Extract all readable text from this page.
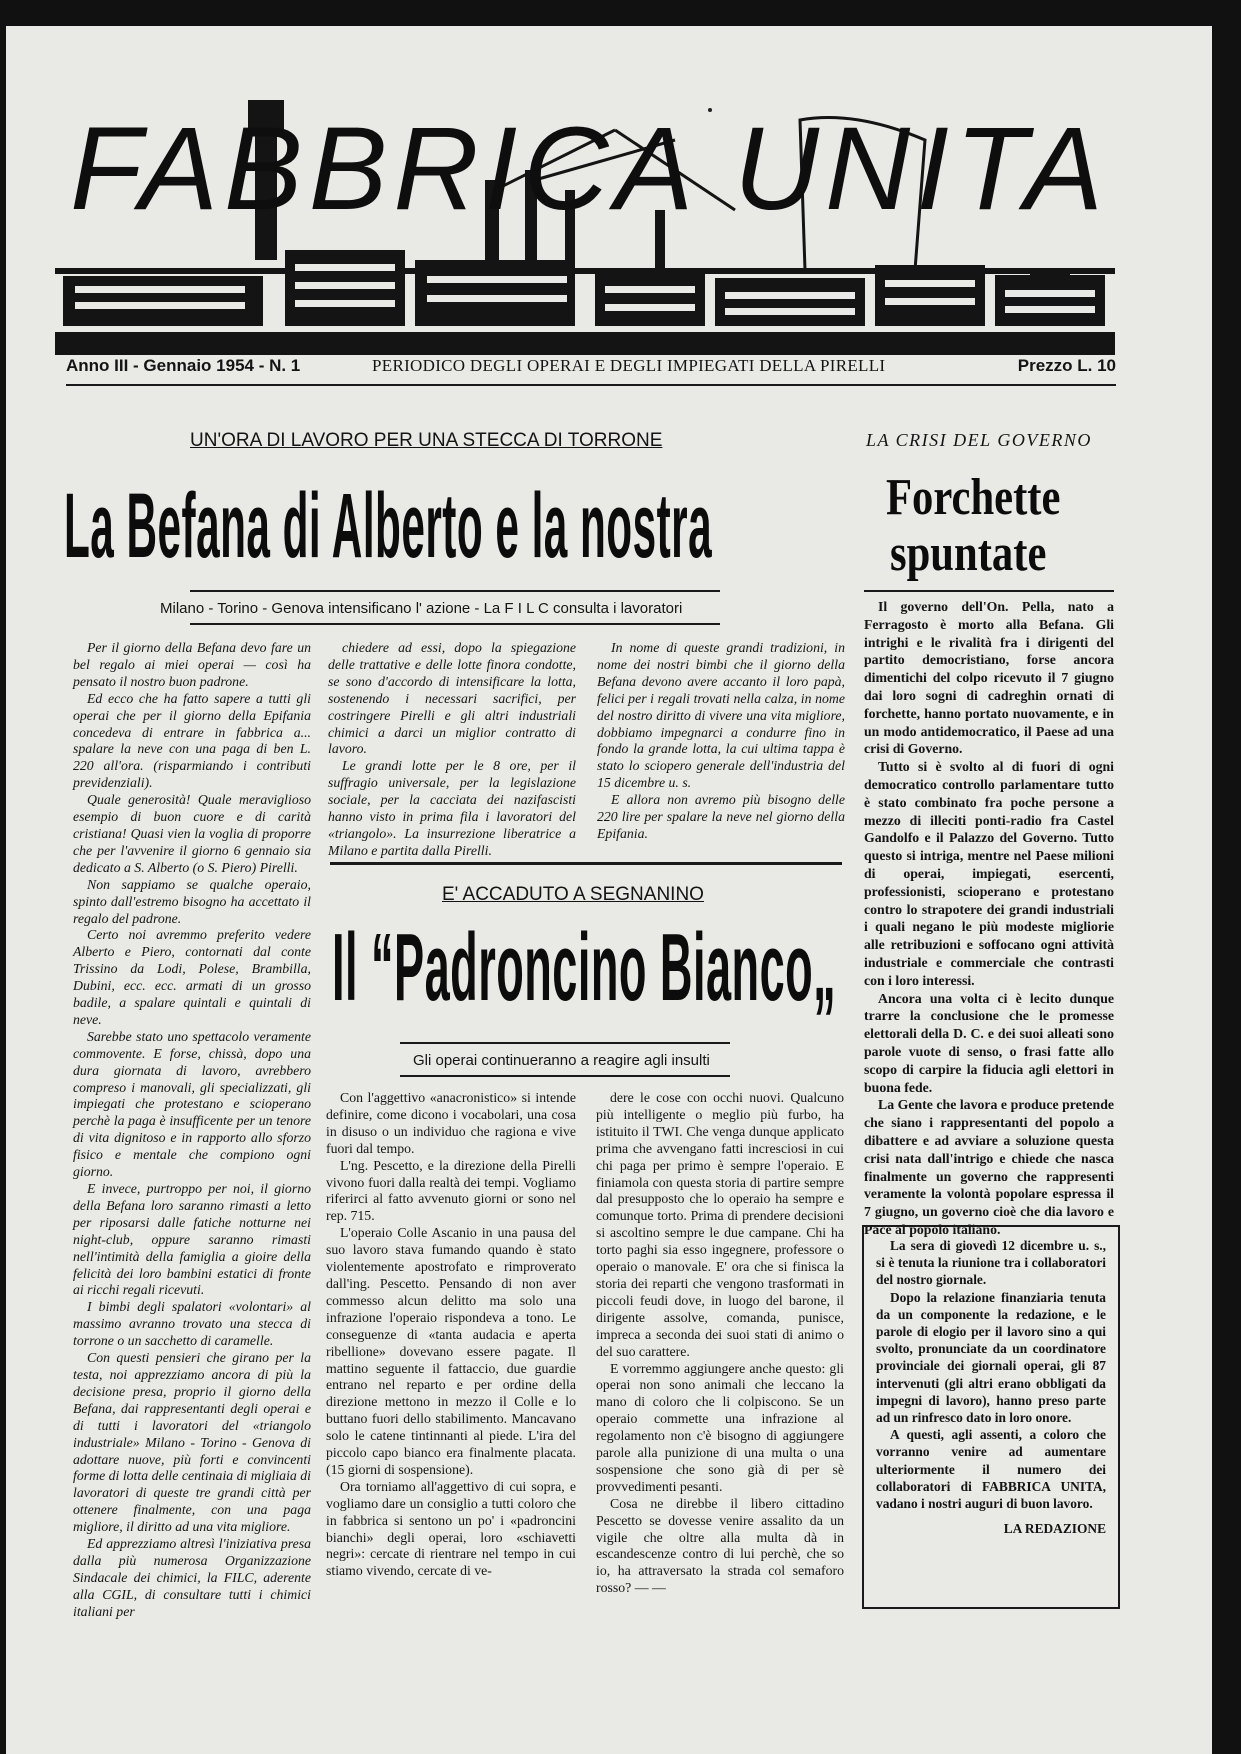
FABBRICA UNITA
Anno III - Gennaio 1954 - N. 1	PERIODICO DEGLI OPERAI E DEGLI IMPIEGATI DELLA PIRELLI	Prezzo L. 10
UN'ORA DI LAVORO PER UNA STECCA DI TORRONE
La Befana di Alberto e la nostra
Milano - Torino - Genova intensificano l' azione - La F I L C consulta i lavoratori

Per il giorno della Befana devo fare un bel regalo ai miei operai — così ha pensato il nostro buon padrone.

Ed ecco che ha fatto sapere a tutti gli operai che per il giorno della Epifania concedeva di entrare in fabbrica a... spalare la neve con una paga di ben L. 220 all'ora. (risparmiando i contributi previdenziali).

Quale generosità! Quale meraviglioso esempio di buon cuore e di carità cristiana! Quasi vien la voglia di proporre che per l'avvenire il giorno 6 gennaio sia dedicato a S. Alberto (o S. Piero) Pirelli.

Non sappiamo se qualche operaio, spinto dall'estremo bisogno ha accettato il regalo del padrone.

Certo noi avremmo preferito vedere Alberto e Piero, contornati dal conte Trissino da Lodi, Polese, Brambilla, Dubini, ecc. ecc. armati di un grosso badile, a spalare quintali e quintali di neve.

Sarebbe stato uno spettacolo veramente commovente. E forse, chissà, dopo una dura giornata di lavoro, avrebbero compreso i manovali, gli specializzati, gli impiegati che protestano e scioperano perchè la paga è insufficente per un tenore di vita dignitoso e in rapporto allo sforzo fisico e mentale che compiono ogni giorno.

E invece, purtroppo per noi, il giorno della Befana loro saranno rimasti a letto per riposarsi dalle fatiche notturne nei night-club, oppure saranno rimasti nell'intimità della famiglia a gioire della felicità dei loro bambini estatici di fronte ai ricchi regali ricevuti.

I bimbi degli spalatori «volontari» al massimo avranno trovato una stecca di torrone o un sacchetto di caramelle.

Con questi pensieri che girano per la testa, noi apprezziamo ancora di più la decisione presa, proprio il giorno della Befana, dai rappresentanti degli operai e di tutti i lavoratori del «triangolo industriale» Milano - Torino - Genova di adottare nuove, più forti e convincenti forme di lotta delle centinaia di migliaia di lavoratori di queste tre grandi città per ottenere finalmente, con una paga migliore, il diritto ad una vita migliore.

Ed apprezziamo altresì l'iniziativa presa dalla più numerosa Organizzazione Sindacale dei chimici, la FILC, aderente alla CGIL, di consultare tutti i chimici italiani per

chiedere ad essi, dopo la spiegazione delle trattative e delle lotte finora condotte, se sono d'accordo di intensificare la lotta, sostenendo i necessari sacrifici, per costringere Pirelli e gli altri industriali chimici a darci un miglior contratto di lavoro.

Le grandi lotte per le 8 ore, per il suffragio universale, per la legislazione sociale, per la cacciata dei nazifascisti hanno visto in prima fila i lavoratori del «triangolo». La insurrezione liberatrice a Milano e partita dalla Pirelli.

In nome di queste grandi tradizioni, in nome dei nostri bimbi che il giorno della Befana devono avere accanto il loro papà, felici per i regali trovati nella calza, in nome del nostro diritto di vivere una vita migliore, dobbiamo impegnarci a condurre fino in fondo la grande lotta, la cui ultima tappa è stato lo sciopero generale dell'industria del 15 dicembre u. s.

E allora non avremo più bisogno delle 220 lire per spalare la neve nel giorno della Epifania.

E' ACCADUTO A SEGNANINO
Il “Padroncino Bianco„
Gli operai continueranno a reagire agli insulti

Con l'aggettivo «anacronistico» si intende definire, come dicono i vocabolari, una cosa in disuso o un individuo che ragiona e vive fuori dal tempo.

L'ng. Pescetto, e la direzione della Pirelli vivono fuori dalla realtà dei tempi. Vogliamo riferirci al fatto avvenuto giorni or sono nel rep. 715.

L'operaio Colle Ascanio in una pausa del suo lavoro stava fumando quando è stato violentemente apostrofato e rimproverato dall'ing. Pescetto. Pensando di non aver commesso alcun delitto ma solo una infrazione l'operaio rispondeva a tono. Le conseguenze di «tanta audacia e aperta ribellione» dovevano essere pagate. Il mattino seguente il fattaccio, due guardie entrano nel reparto e per ordine della direzione mettono in mezzo il Colle e lo buttano fuori dello stabilimento. Mancavano solo le catene tintinnanti al piede. L'ira del piccolo capo bianco era finalmente placata. (15 giorni di sospensione).

Ora torniamo all'aggettivo di cui sopra, e vogliamo dare un consiglio a tutti coloro che in fabbrica si sentono un po' i «padroncini bianchi» degli operai, loro «schiavetti negri»: cercate di rientrare nel tempo in cui stiamo vivendo, cercate di ve-

dere le cose con occhi nuovi. Qualcuno più intelligente o meglio più furbo, ha istituito il TWI. Che venga dunque applicato prima che avvengano fatti incresciosi in cui chi paga per primo è sempre l'operaio. E finiamola con questa storia di partire sempre dal presupposto che lo operaio ha sempre e comunque torto. Prima di prendere decisioni si ascoltino sempre le due campane. Chi ha torto paghi sia esso ingegnere, professore o operaio o manovale. E' ora che si finisca la storia dei reparti che vengono trasformati in piccoli feudi dove, in luogo del barone, il dirigente assolve, comanda, punisce, impreca a seconda dei suoi stati di animo o del suo carattere.

E vorremmo aggiungere anche questo: gli operai non sono animali che leccano la mano di coloro che li colpiscono. Se un operaio commette una infrazione al regolamento non c'è bisogno di aggiungere parole alla punizione di una multa o una sospensione che sono già di per sè provvedimenti pesanti.

Cosa ne direbbe il libero cittadino Pescetto se dovesse venire assalito da un vigile che oltre alla multa dà in escandescenze contro di lui perchè, che so io, ha attraversato la strada col semaforo rosso? — —

LA CRISI DEL GOVERNO
Forchette
spuntate

Il governo dell'On. Pella, nato a Ferragosto è morto alla Befana. Gli intrighi e le rivalità fra i dirigenti del partito democristiano, forse ancora dimentichi del colpo ricevuto il 7 giugno dai loro sogni di cadreghin ornati di forchette, hanno portato nuovamente, e in un modo antidemocratico, il Paese ad una crisi di Governo.

Tutto si è svolto al di fuori di ogni democratico controllo parlamentare tutto è stato combinato fra poche persone a mezzo di illeciti ponti-radio fra Castel Gandolfo e il Palazzo del Governo. Tutto questo si intriga, mentre nel Paese milioni di operai, impiegati, esercenti, professionisti, scioperano e protestano contro lo strapotere dei grandi industriali i quali negano le più modeste migliorie alle retribuzioni e soffocano ogni attività industriale e commerciale che contrasti con i loro interessi.

Ancora una volta ci è lecito dunque trarre la conclusione che le promesse elettorali della D. C. e dei suoi alleati sono parole vuote di senso, o frasi fatte allo scopo di carpire la fiducia agli elettori in buona fede.

La Gente che lavora e produce pretende che siano i rappresentanti del popolo a dibattere e ad avviare a soluzione questa crisi nata dall'intrigo e chiede che nasca finalmente un governo che rappresenti veramente la volontà popolare espressa il 7 giugno, un governo cioè che dia lavoro e Pace al popolo italiano.

La sera di giovedì 12 dicembre u. s., si è tenuta la riunione tra i collaboratori del nostro giornale.

Dopo la relazione finanziaria tenuta da un componente la redazione, e le parole di elogio per il lavoro sino a qui svolto, pronunciate da un coordinatore provinciale dei giornali operai, gli 87 intervenuti (gli altri erano obbligati da impegni di lavoro), hanno preso parte ad un rinfresco dato in loro onore.

A questi, agli assenti, a coloro che vorranno venire ad aumentare ulteriormente il numero dei collaboratori di FABBRICA UNITA, vadano i nostri auguri di buon lavoro.

LA REDAZIONE
